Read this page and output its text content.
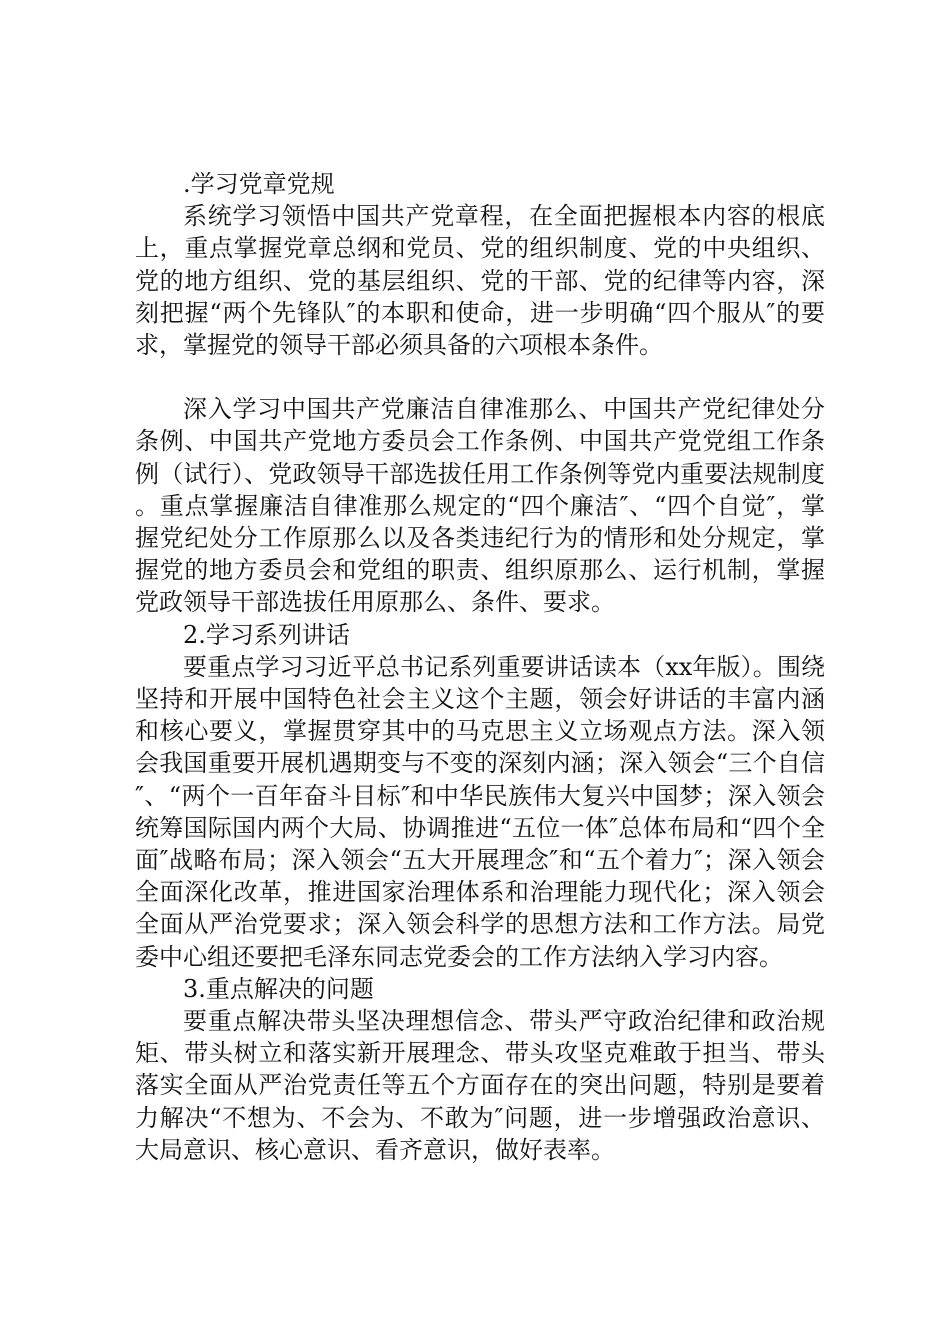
.学习党章党规

系统学习领悟中国共产党章程，在全面把握根本内容的根底上，重点掌握党章总纲和党员、党的组织制度、党的中央组织、党的地方组织、党的基层组织、党的干部、党的纪律等内容，深刻把握“两个先锋队″的本职和使命，进一步明确“四个服从″的要求，掌握党的领导干部必须具备的六项根本条件。

深入学习中国共产党廉洁自律准那么、中国共产党纪律处分条例、中国共产党地方委员会工作条例、中国共产党党组工作条例（试行）、党政领导干部选拔任用工作条例等党内重要法规制度。重点掌握廉洁自律准那么规定的“四个廉洁″、“四个自觉″，掌握党纪处分工作原那么以及各类违纪行为的情形和处分规定，掌握党的地方委员会和党组的职责、组织原那么、运行机制，掌握党政领导干部选拔任用原那么、条件、要求。

2.学习系列讲话

要重点学习习近平总书记系列重要讲话读本（xx年版）。围绕坚持和开展中国特色社会主义这个主题，领会好讲话的丰富内涵和核心要义，掌握贯穿其中的马克思主义立场观点方法。深入领会我国重要开展机遇期变与不变的深刻内涵；深入领会“三个自信″、“两个一百年奋斗目标″和中华民族伟大复兴中国梦；深入领会统筹国际国内两个大局、协调推进“五位一体″总体布局和“四个全面″战略布局；深入领会“五大开展理念″和“五个着力″；深入领会全面深化改革，推进国家治理体系和治理能力现代化；深入领会全面从严治党要求；深入领会科学的思想方法和工作方法。局党委中心组还要把毛泽东同志党委会的工作方法纳入学习内容。

3.重点解决的问题

要重点解决带头坚决理想信念、带头严守政治纪律和政治规矩、带头树立和落实新开展理念、带头攻坚克难敢于担当、带头落实全面从严治党责任等五个方面存在的突出问题，特别是要着力解决“不想为、不会为、不敢为″问题，进一步增强政治意识、大局意识、核心意识、看齐意识，做好表率。
